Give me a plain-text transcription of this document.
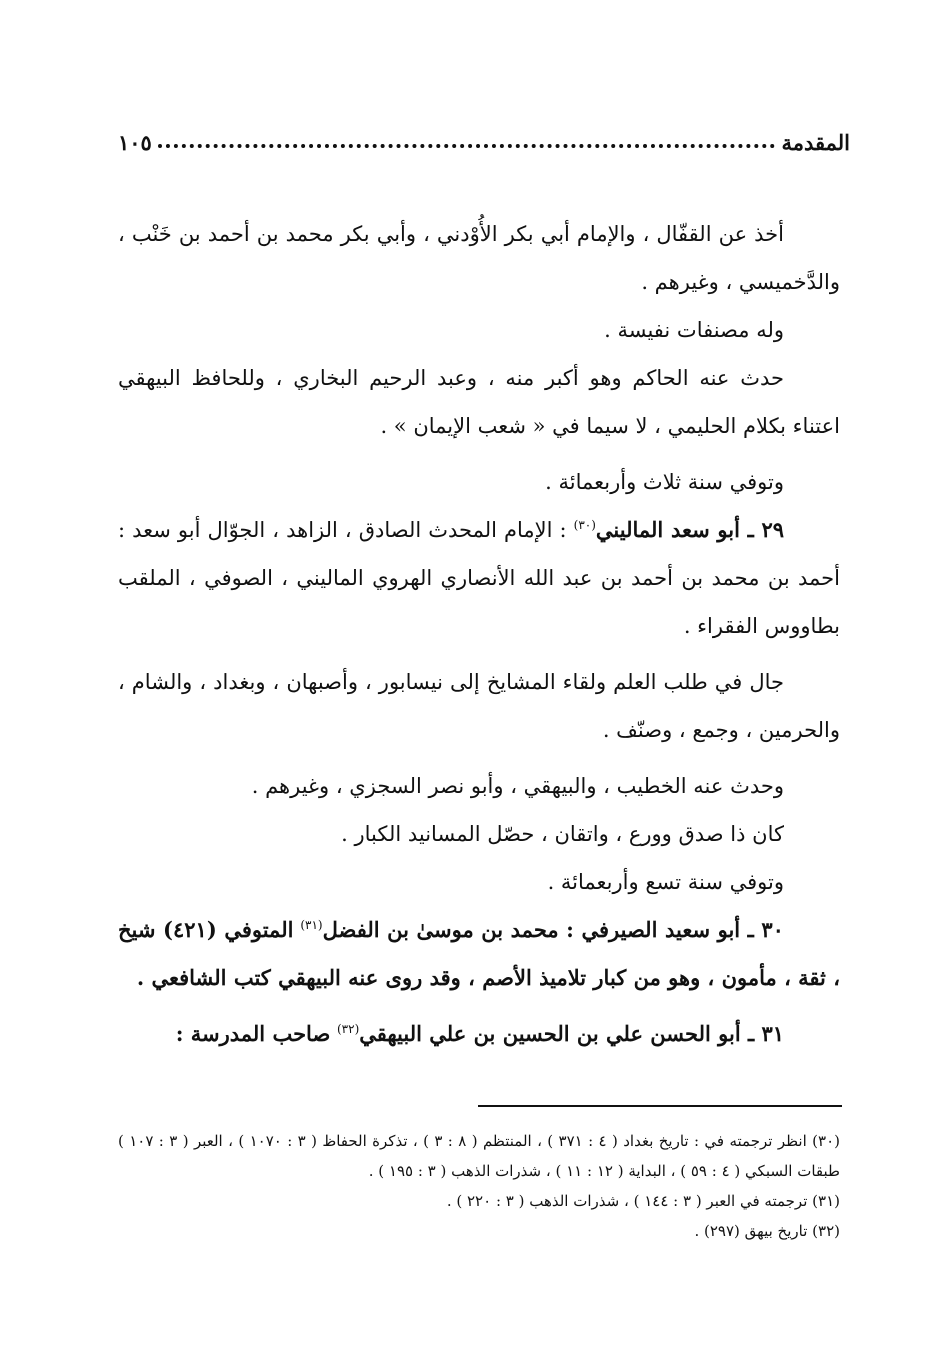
المقدمة
١٠٥

أخذ عن القفّال ، والإمام أبي بكر الأُوْدني ، وأبي بكر محمد بن أحمد بن خَنْب ، والدَّخميسي ، وغيرهم .

وله مصنفات نفيسة .

حدث عنه الحاكم وهو أكبر منه ، وعبد الرحيم البخاري ، وللحافظ البيهقي اعتناء بكلام الحليمي ، لا سيما في « شعب الإيمان » .

وتوفي سنة ثلاث وأربعمائة .

٢٩ ـ أبو سعد الماليني$^{(٣٠)}$ : الإمام المحدث الصادق ، الزاهد ، الجوّال أبو سعد : أحمد بن محمد بن أحمد بن عبد الله الأنصاري الهروي الماليني ، الصوفي ، الملقب بطاووس الفقراء .

جال في طلب العلم ولقاء المشايخ إلى نيسابور ، وأصبهان ، وبغداد ، والشام ، والحرمين ، وجمع ، وصنّف .

وحدث عنه الخطيب ، والبيهقي ، وأبو نصر السجزي ، وغيرهم .

كان ذا صدق وورع ، واتقان ، حصّل المسانيد الكبار .

وتوفي سنة تسع وأربعمائة .

٣٠ ـ أبو سعيد الصيرفي : محمد بن موسىٰ بن الفضل$^{(٣١)}$ المتوفي (٤٢١) شيخ ، ثقة ، مأمون ، وهو من كبار تلاميذ الأصم ، وقد روى عنه البيهقي كتب الشافعي .

٣١ ـ أبو الحسن علي بن الحسين بن علي البيهقي$^{(٣٢)}$ صاحب المدرسة :

(٣٠) انظر ترجمته في : تاريخ بغداد ( ٤ : ٣٧١ ) ، المنتظم ( ٨ : ٣ ) ، تذكرة الحفاظ ( ٣ : ١٠٧٠ ) ، العبر ( ٣ : ١٠٧ ) طبقات السبكي ( ٤ : ٥٩ ) ، البداية ( ١٢ : ١١ ) ، شذرات الذهب ( ٣ : ١٩٥ ) .

(٣١) ترجمته في العبر ( ٣ : ١٤٤ ) ، شذرات الذهب ( ٣ : ٢٢٠ ) .

(٣٢) تاريخ بيهق (٢٩٧) .
